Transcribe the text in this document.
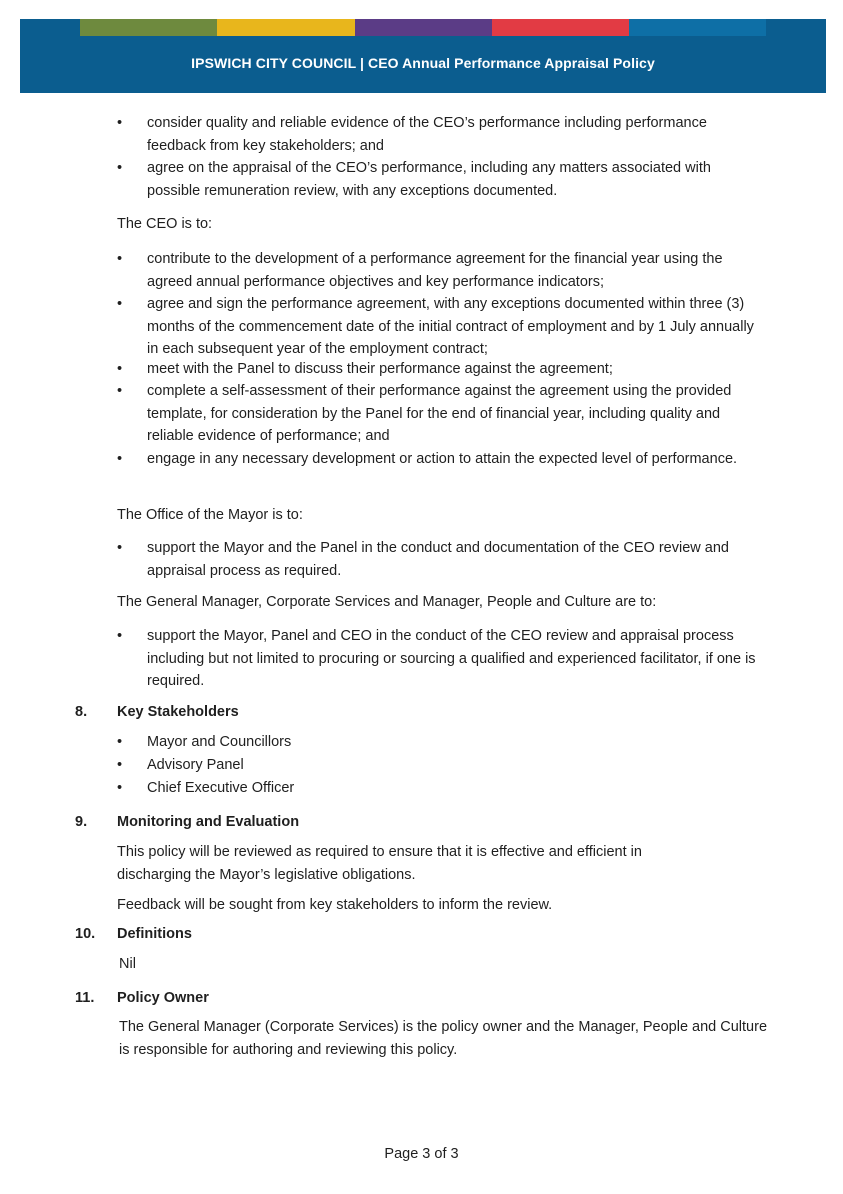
IPSWICH CITY COUNCIL | CEO Annual Performance Appraisal Policy
• consider quality and reliable evidence of the CEO’s performance including performance feedback from key stakeholders; and
• agree on the appraisal of the CEO’s performance, including any matters associated with possible remuneration review, with any exceptions documented.
The CEO is to:
• contribute to the development of a performance agreement for the financial year using the agreed annual performance objectives and key performance indicators;
• agree and sign the performance agreement, with any exceptions documented within three (3) months of the commencement date of the initial contract of employment and by 1 July annually in each subsequent year of the employment contract;
• meet with the Panel to discuss their performance against the agreement;
• complete a self-assessment of their performance against the agreement using the provided template, for consideration by the Panel for the end of financial year, including quality and reliable evidence of performance; and
• engage in any necessary development or action to attain the expected level of performance.
The Office of the Mayor is to:
• support the Mayor and the Panel in the conduct and documentation of the CEO review and appraisal process as required.
The General Manager, Corporate Services and Manager, People and Culture are to:
• support the Mayor, Panel and CEO in the conduct of the CEO review and appraisal process including but not limited to procuring or sourcing a qualified and experienced facilitator, if one is required.
8. Key Stakeholders
• Mayor and Councillors
• Advisory Panel
• Chief Executive Officer
9. Monitoring and Evaluation
This policy will be reviewed as required to ensure that it is effective and efficient in discharging the Mayor’s legislative obligations.
Feedback will be sought from key stakeholders to inform the review.
10. Definitions
Nil
11. Policy Owner
The General Manager (Corporate Services) is the policy owner and the Manager, People and Culture is responsible for authoring and reviewing this policy.
Page 3 of 3
